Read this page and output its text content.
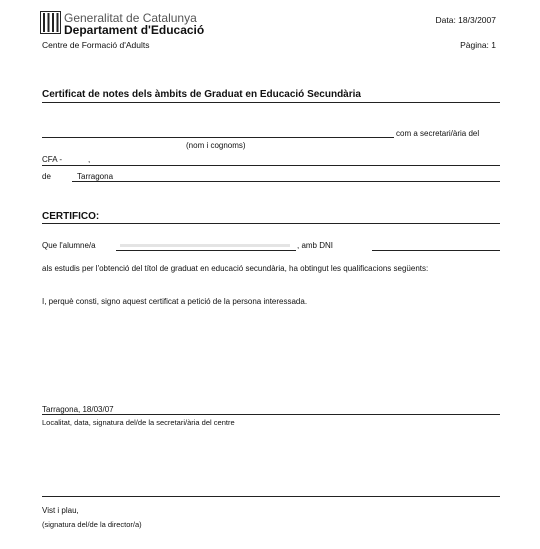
Generalitat de Catalunya
Departament d'Educació
Centre de Formació d'Adults
Data: 18/3/2007
Pàgina: 1
Certificat de notes dels àmbits de Graduat en Educació Secundària
com a secretari/ària del
(nom i cognoms)
CFA -	,
de	Tarragona
CERTIFICO:
Que l'alumne/a	, amb DNI
als estudis per l'obtenció del títol de graduat en educació secundària, ha obtingut les qualificacions següents:
I, perquè consti, signo aquest certificat a petició de la persona interessada.
Tarragona, 18/03/07
Localitat, data, signatura del/de la secretari/ària del centre
Vist i plau,
(signatura del/de la director/a)
